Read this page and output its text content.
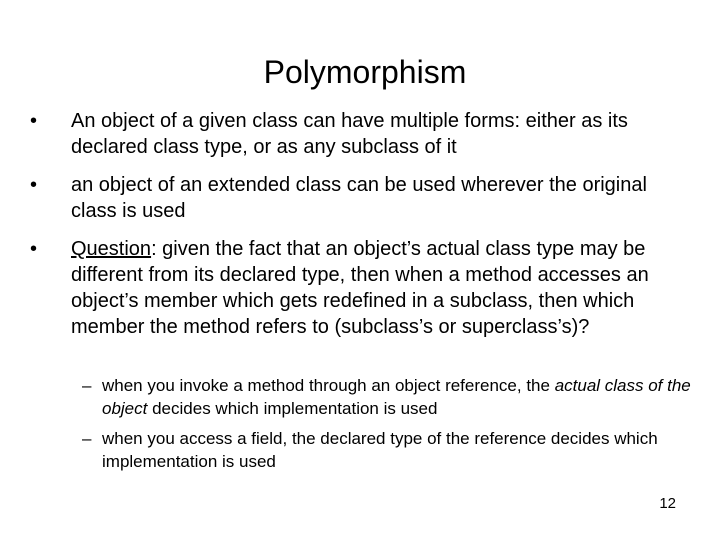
Polymorphism
•	An object of a given class can have multiple forms: either as its declared class type, or as any subclass of it
•	an object of an extended class can be used wherever the original class is used
•	Question: given the fact that an object’s actual class type may be different from its declared type, then when a method accesses an object’s member which gets redefined in a subclass, then which member the method refers to (subclass’s or superclass’s)?
– when you invoke a method through an object reference, the actual class of the object decides which implementation is used
– when you access a field, the declared type of the reference decides which implementation is used
12
